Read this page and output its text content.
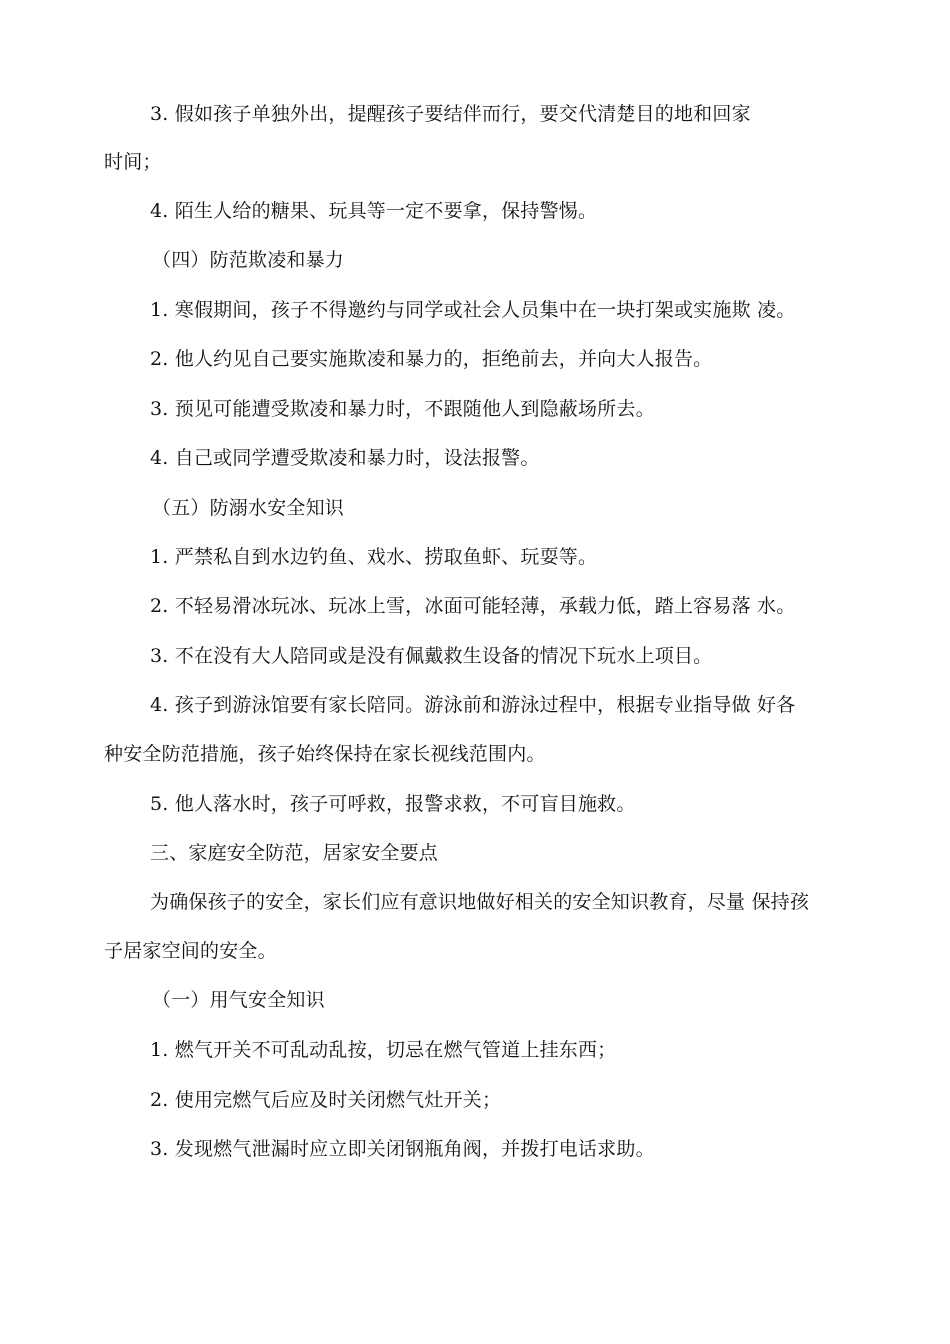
3. 假如孩子单独外出，提醒孩子要结伴而行，要交代清楚目的地和回家
时间；
4. 陌生人给的糖果、玩具等一定不要拿，保持警惕。
（四）防范欺凌和暴力
1. 寒假期间，孩子不得邀约与同学或社会人员集中在一块打架或实施欺 凌。
2. 他人约见自己要实施欺凌和暴力的，拒绝前去，并向大人报告。
3. 预见可能遭受欺凌和暴力时，不跟随他人到隐蔽场所去。
4. 自己或同学遭受欺凌和暴力时，设法报警。
（五）防溺水安全知识
1. 严禁私自到水边钓鱼、戏水、捞取鱼虾、玩耍等。
2. 不轻易滑冰玩冰、玩冰上雪，冰面可能轻薄，承载力低，踏上容易落 水。
3. 不在没有大人陪同或是没有佩戴救生设备的情况下玩水上项目。
4. 孩子到游泳馆要有家长陪同。游泳前和游泳过程中，根据专业指导做 好各
种安全防范措施，孩子始终保持在家长视线范围内。
5. 他人落水时，孩子可呼救，报警求救，不可盲目施救。
三、家庭安全防范，居家安全要点
为确保孩子的安全，家长们应有意识地做好相关的安全知识教育，尽量 保持孩
子居家空间的安全。
（一）用气安全知识
1. 燃气开关不可乱动乱按，切忌在燃气管道上挂东西；
2. 使用完燃气后应及时关闭燃气灶开关；
3. 发现燃气泄漏时应立即关闭钢瓶角阀，并拨打电话求助。
